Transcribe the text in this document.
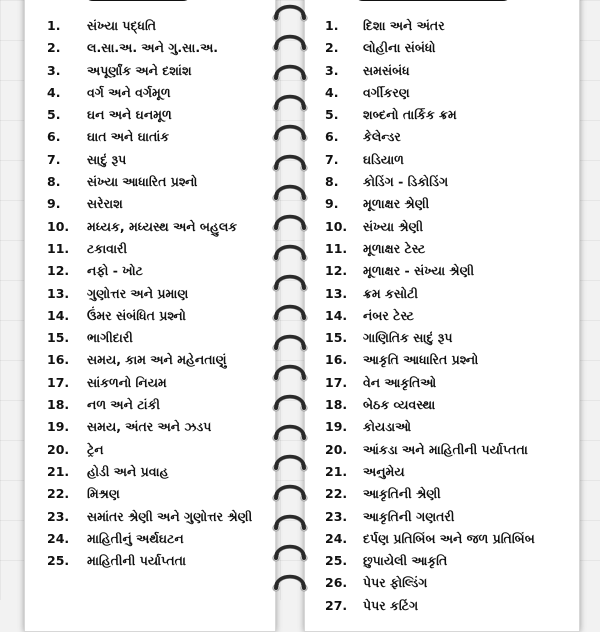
1. સંખ્યા પદ્ધતિ
2. લ.સા.અ. અને ગુ.સા.અ.
3. અપૂર્ણાંક અને દશાંશ
4. વર્ગ અને વર્ગમૂળ
5. ઘન અને ઘનમૂળ
6. ઘાત અને ઘાતાંક
7. સાદું રૂપ
8. સંખ્યા આધારિત પ્રશ્નો
9. સરેરાશ
10. મધ્યક, મધ્યસ્થ અને બહુલક
11. ટકાવારી
12. નફો - ખોટ
13. ગુણોત્તર અને પ્રમાણ
14. ઉંમર સંબંધિત પ્રશ્નો
15. ભાગીદારી
16. સમય, કામ અને મહેનતાણું
17. સાંકળનો નિયમ
18. નળ અને ટાંકી
19. સમય, અંતર અને ઝડપ
20. ટ્રેન
21. હોડી અને પ્રવાહ
22. મિશ્રણ
23. સમાંતર શ્રેણી અને ગુણોત્તર શ્રેણી
24. માહિતીનું અર્થઘટન
25. માહિતીની પર્યાપ્તતા
1. દિશા અને અંતર
2. લોહીના સંબંધો
3. સમસંબંધ
4. વર્ગીકરણ
5. શબ્દનો તાર્કિક ક્રમ
6. કેલેન્ડર
7. ઘડિયાળ
8. કોડિંગ - ડિકોડિંગ
9. મૂળાક્ષર શ્રેણી
10. સંખ્યા શ્રેણી
11. મૂળાક્ષર ટેસ્ટ
12. મૂળાક્ષર - સંખ્યા શ્રેણી
13. ક્રમ કસોટી
14. નંબર ટેસ્ટ
15. ગાણિતિક સાદું રૂપ
16. આકૃતિ આધારિત પ્રશ્નો
17. વેન આકૃતિઓ
18. બેઠક વ્યવસ્થા
19. કોયડાઓ
20. આંકડા અને માહિતીની પર્યાપ્તતા
21. અનુમેય
22. આકૃતિની શ્રેણી
23. આકૃતિની ગણતરી
24. દર્પણ પ્રતિબિંબ અને જળ પ્રતિબિંબ
25. છુપાયેલી આકૃતિ
26. પેપર ફોલ્ડિંગ
27. પેપર કટિંગ
